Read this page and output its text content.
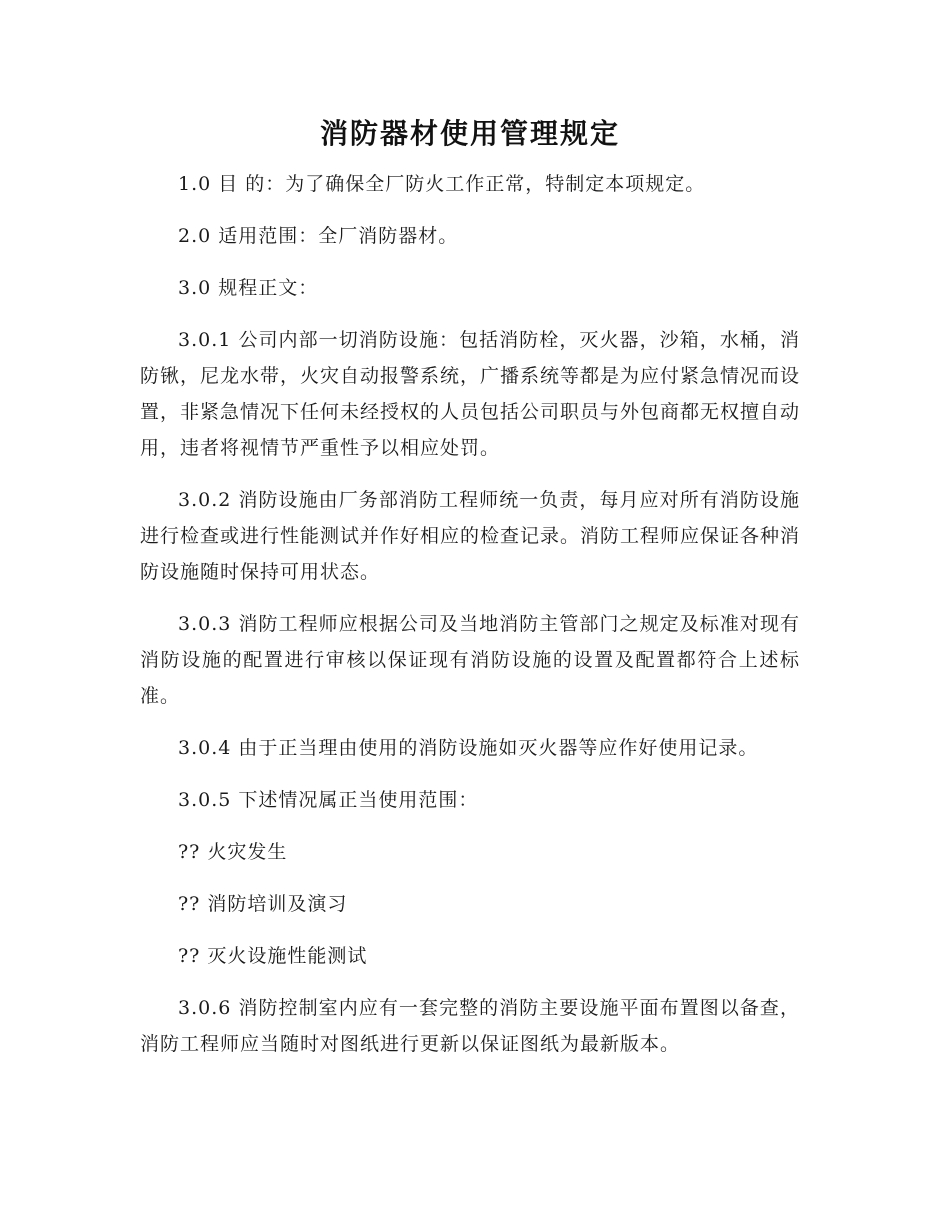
消防器材使用管理规定

1.0 目 的：为了确保全厂防火工作正常，特制定本项规定。

2.0 适用范围：全厂消防器材。

3.0 规程正文：

3.0.1 公司内部一切消防设施：包括消防栓，灭火器，沙箱，水桶，消防锹，尼龙水带，火灾自动报警系统，广播系统等都是为应付紧急情况而设置，非紧急情况下任何未经授权的人员包括公司职员与外包商都无权擅自动用，违者将视情节严重性予以相应处罚。

3.0.2 消防设施由厂务部消防工程师统一负责，每月应对所有消防设施进行检查或进行性能测试并作好相应的检查记录。消防工程师应保证各种消防设施随时保持可用状态。

3.0.3 消防工程师应根据公司及当地消防主管部门之规定及标准对现有消防设施的配置进行审核以保证现有消防设施的设置及配置都符合上述标准。

3.0.4 由于正当理由使用的消防设施如灭火器等应作好使用记录。

3.0.5 下述情况属正当使用范围：

?? 火灾发生

?? 消防培训及演习

?? 灭火设施性能测试

3.0.6 消防控制室内应有一套完整的消防主要设施平面布置图以备查，消防工程师应当随时对图纸进行更新以保证图纸为最新版本。
